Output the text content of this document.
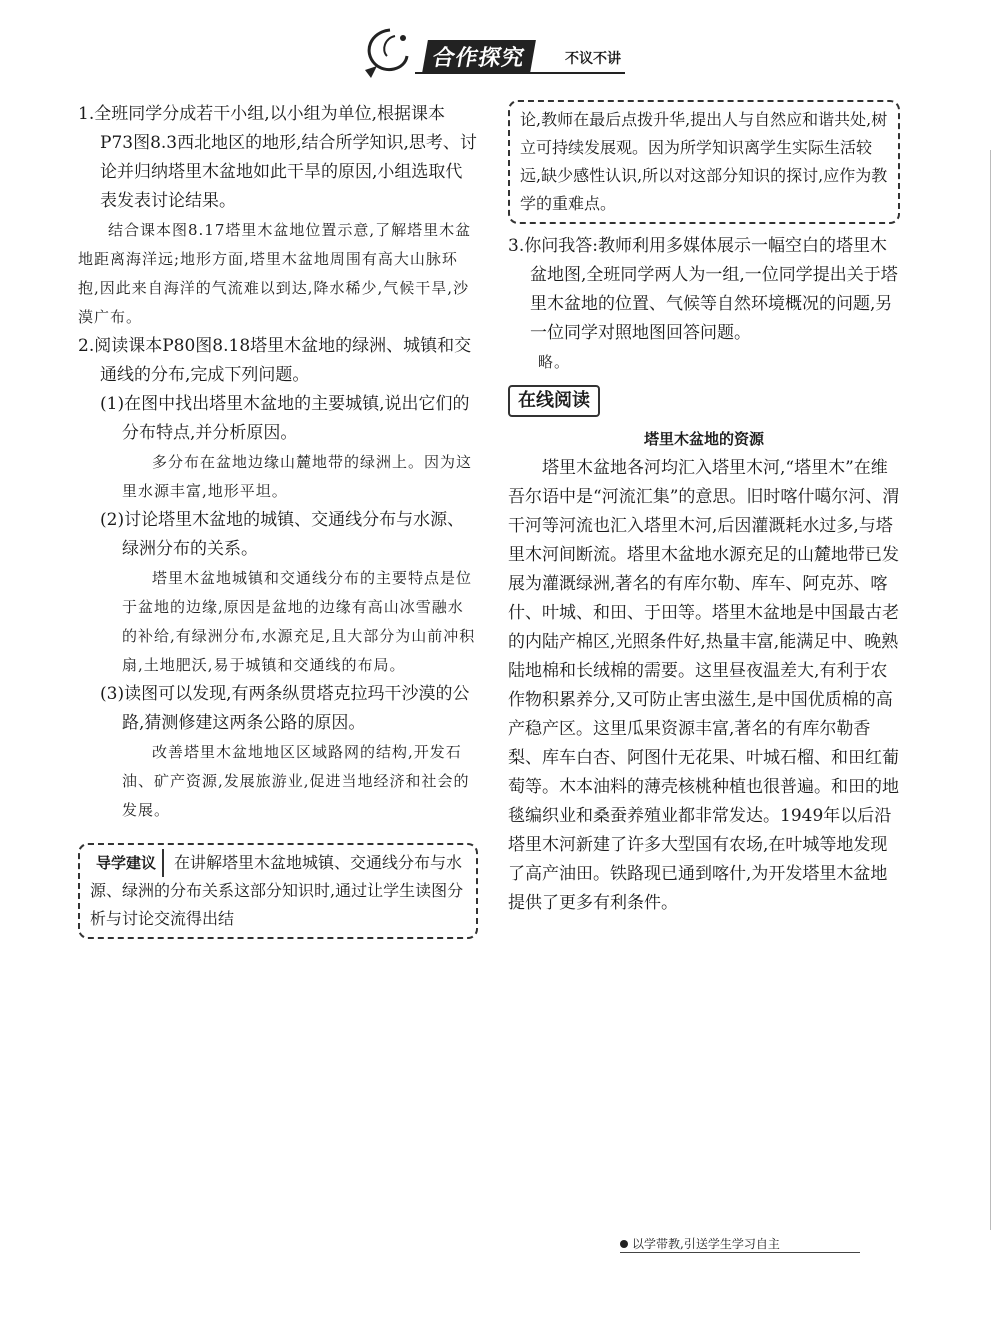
合作探究	不议不讲

1.全班同学分成若干小组,以小组为单位,根据课本P73图8.3西北地区的地形,结合所学知识,思考、讨论并归纳塔里木盆地如此干旱的原因,小组选取代表发表讨论结果。

结合课本图8.17塔里木盆地位置示意,了解塔里木盆地距离海洋远;地形方面,塔里木盆地周围有高大山脉环抱,因此来自海洋的气流难以到达,降水稀少,气候干旱,沙漠广布。

2.阅读课本P80图8.18塔里木盆地的绿洲、城镇和交通线的分布,完成下列问题。

(1)在图中找出塔里木盆地的主要城镇,说出它们的分布特点,并分析原因。

多分布在盆地边缘山麓地带的绿洲上。因为这里水源丰富,地形平坦。

(2)讨论塔里木盆地的城镇、交通线分布与水源、绿洲分布的关系。

塔里木盆地城镇和交通线分布的主要特点是位于盆地的边缘,原因是盆地的边缘有高山冰雪融水的补给,有绿洲分布,水源充足,且大部分为山前冲积扇,土地肥沃,易于城镇和交通线的布局。

(3)读图可以发现,有两条纵贯塔克拉玛干沙漠的公路,猜测修建这两条公路的原因。

改善塔里木盆地地区区域路网的结构,开发石油、矿产资源,发展旅游业,促进当地经济和社会的发展。

导学建议 在讲解塔里木盆地城镇、交通线分布与水源、绿洲的分布关系这部分知识时,通过让学生读图分析与讨论交流得出结
论,教师在最后点拨升华,提出人与自然应和谐共处,树立可持续发展观。因为所学知识离学生实际生活较远,缺少感性认识,所以对这部分知识的探讨,应作为教学的重难点。

3.你问我答:教师利用多媒体展示一幅空白的塔里木盆地图,全班同学两人为一组,一位同学提出关于塔里木盆地的位置、气候等自然环境概况的问题,另一位同学对照地图回答问题。

略。

在线阅读

塔里木盆地的资源

塔里木盆地各河均汇入塔里木河,“塔里木”在维吾尔语中是“河流汇集”的意思。旧时喀什噶尔河、渭干河等河流也汇入塔里木河,后因灌溉耗水过多,与塔里木河间断流。塔里木盆地水源充足的山麓地带已发展为灌溉绿洲,著名的有库尔勒、库车、阿克苏、喀什、叶城、和田、于田等。塔里木盆地是中国最古老的内陆产棉区,光照条件好,热量丰富,能满足中、晚熟陆地棉和长绒棉的需要。这里昼夜温差大,有利于农作物积累养分,又可防止害虫滋生,是中国优质棉的高产稳产区。这里瓜果资源丰富,著名的有库尔勒香梨、库车白杏、阿图什无花果、叶城石榴、和田红葡萄等。木本油料的薄壳核桃种植也很普遍。和田的地毯编织业和桑蚕养殖业都非常发达。1949年以后沿塔里木河新建了许多大型国有农场,在叶城等地发现了高产油田。铁路现已通到喀什,为开发塔里木盆地提供了更多有利条件。

以学带教,引送学生学习自主
